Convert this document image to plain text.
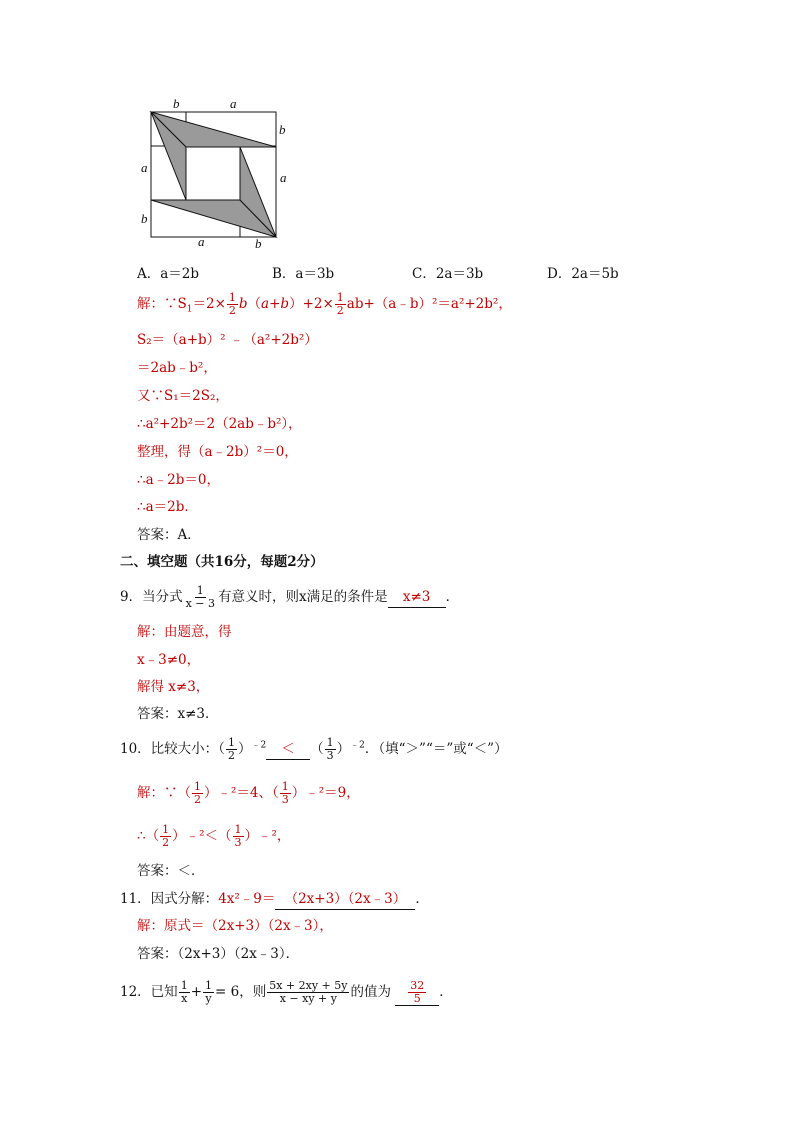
b	a
b
a
a
b
a	b
A．a＝2b	B．a＝3b	C．2a＝3b	D．2a＝5b
解：$\because S_1=2\times \frac{1}{2} b(a+b)+2\times \frac{1}{2}$ ab+（a﹣b）²＝a²+2b²，
S₂＝（a+b）² ﹣（a²+2b²）
＝2ab﹣b²，
又∵S₁＝2S₂，
∴a²+2b²＝2（2ab﹣b²），
整理，得（a﹣2b）²＝0，
∴a﹣2b＝0，
∴a＝2b．
答案：A．
二、填空题（共16分，每题2分）
9．当分式 $\frac{1}{x - 3}$ 有意义时，则x满足的条件是 x≠3 ．
解：由题意，得
x﹣3≠0，
解得 x≠3，
答案：x≠3．
10．比较大小：（ $\frac{1}{2} )^{﹣2}$ ＜ （ $\frac{1}{3} )^{﹣2}$．（填“＞”“＝”或“＜”）
解：∵（ $\frac{1}{2}$ ）﹣²＝4、（ $\frac{1}{3}$ ）﹣²＝9，
∴（ $\frac{1}{2}$ ）﹣²＜（ $\frac{1}{3}$ ）﹣²，
答案：＜．
11．因式分解：4x²﹣9＝ （2x+3）（2x﹣3） ．
解：原式＝（2x+3）（2x﹣3），
答案：（2x+3）（2x﹣3）．
12．已知 $\frac{1}{x} + \frac{1}{y} = 6$，则 $\frac{5x + 2xy + 5y}{x - xy + y}$ 的值为 $\frac{32}{5}$ ．
